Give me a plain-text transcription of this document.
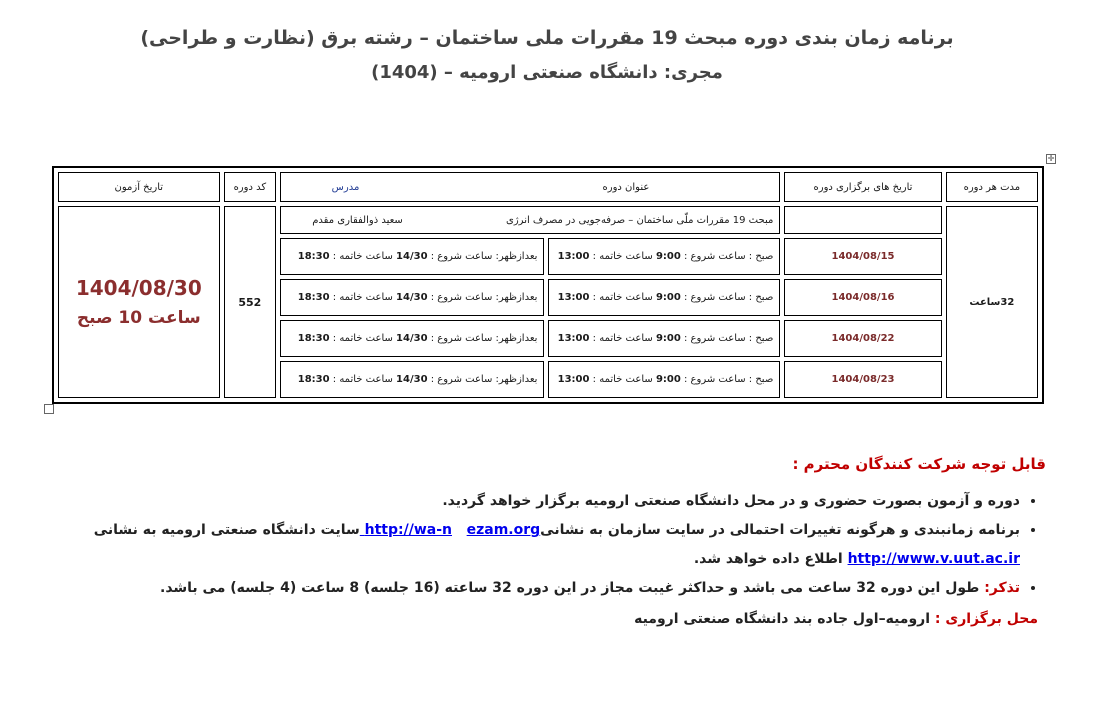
برنامه زمان بندی دوره مبحث 19 مقررات ملی ساختمان – رشته برق (نظارت و طراحی)
مجری: دانشگاه صنعتی ارومیه – (1404)
✛
مدت هر دوره	تاریخ های برگزاری دوره	عنوان دوره مدرس		کد دوره	تاریخ آزمون
32ساعت		مبحث 19 مقررات ملّی ساختمان – صرفه‌جویی در مصرف انرژی سعید ذوالفقاری مقدم		552	1404/08/30
ساعت 10 صبح

	1404/08/15	صبح : ساعت شروع : 9:00 ساعت خاتمه : 13:00	بعدازظهر: ساعت شروع : 14/30 ساعت خاتمه : 18:30		
	1404/08/16	صبح : ساعت شروع : 9:00 ساعت خاتمه : 13:00	بعدازظهر: ساعت شروع : 14/30 ساعت خاتمه : 18:30		
	1404/08/22	صبح : ساعت شروع : 9:00 ساعت خاتمه : 13:00	بعدازظهر: ساعت شروع : 14/30 ساعت خاتمه : 18:30		
	1404/08/23	صبح : ساعت شروع : 9:00 ساعت خاتمه : 13:00	بعدازظهر: ساعت شروع : 14/30 ساعت خاتمه : 18:30		
قابل توجه شرکت کنندگان محترم :
• دوره و آزمون بصورت حضوری و در محل دانشگاه صنعتی ارومیه برگزار خواهد گردید.
• برنامه زمانبندی و هرگونه تغییرات احتمالی در سایت سازمان به نشانیhttp://wa-n   ezam.org سایت دانشگاه صنعتی ارومیه به نشانی
http://www.v.uut.ac.ir اطلاع داده خواهد شد.
• تذکر: طول این دوره 32 ساعت می باشد و حداکثر غیبت مجاز در این دوره 32 ساعته (16 جلسه) 8 ساعت (4 جلسه) می باشد.
محل برگزاری : ارومیه–اول جاده بند دانشگاه صنعتی ارومیه
